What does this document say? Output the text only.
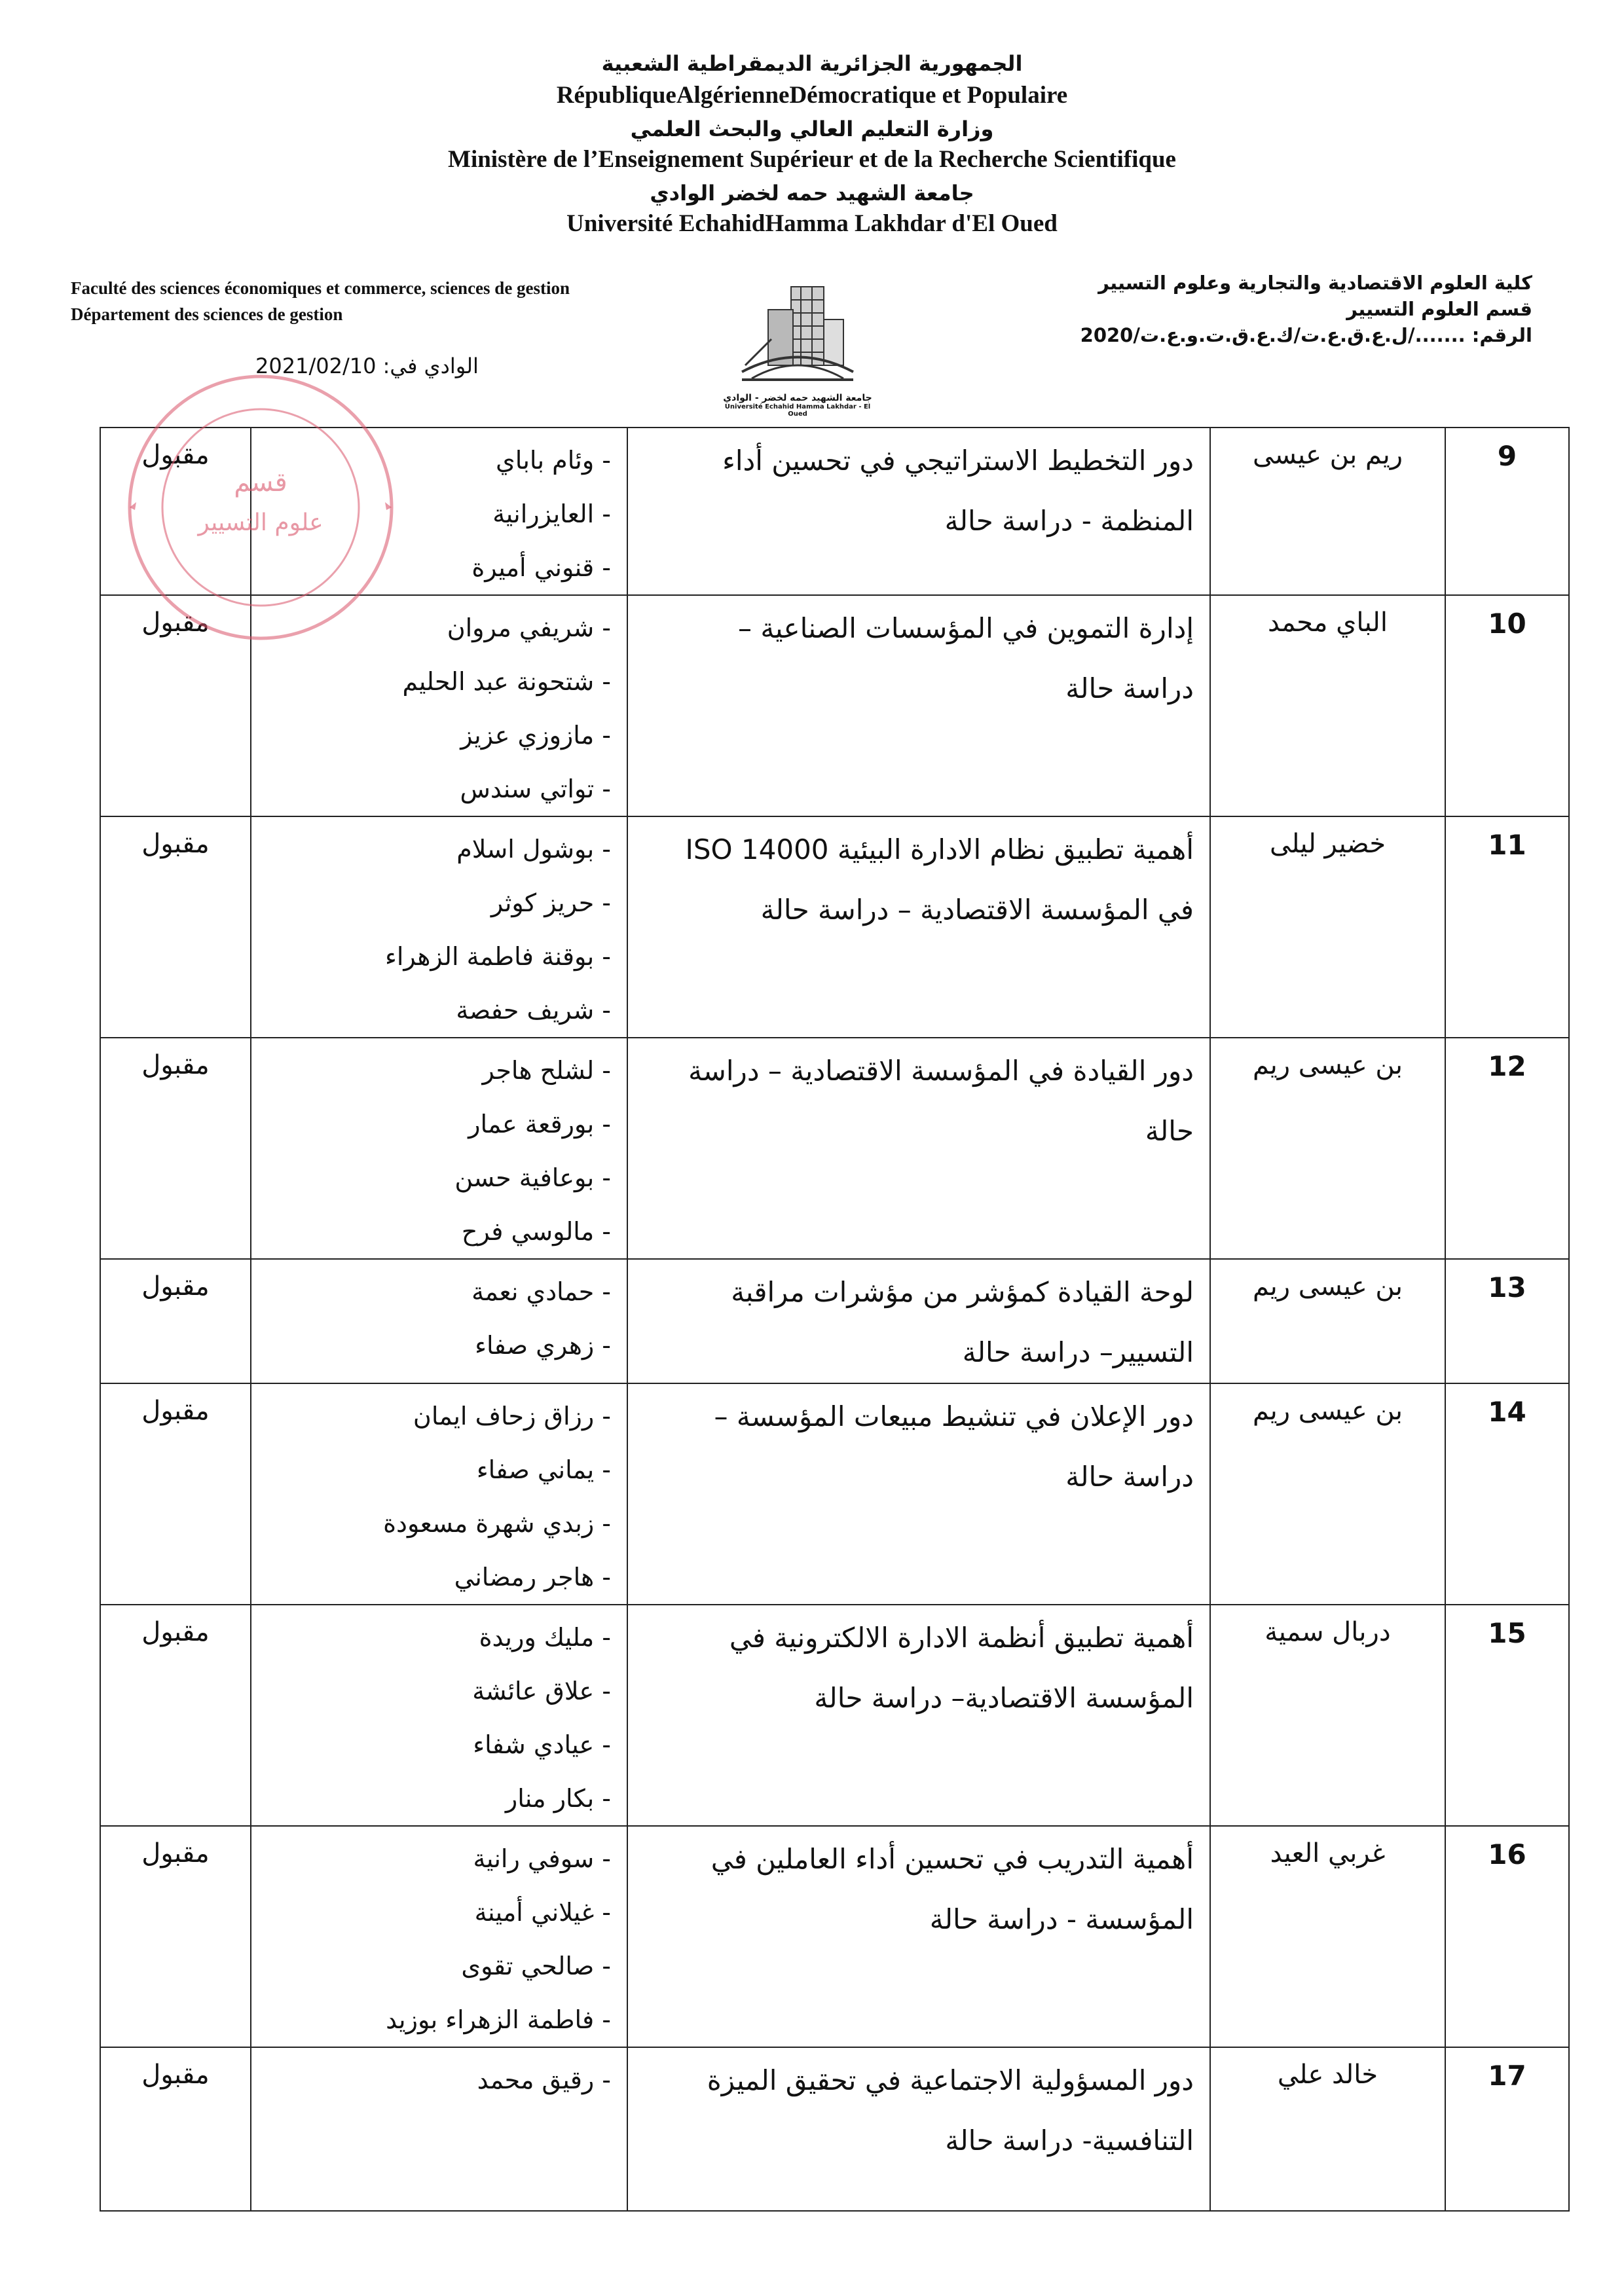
الجمهورية الجزائرية الديمقراطية الشعبية
RépubliqueAlgérienneDémocratique et Populaire
وزارة التعليم العالي والبحث العلمي
Ministère de l’Enseignement Supérieur et de la Recherche Scientifique
جامعة الشهيد حمه لخضر الوادي
Université EchahidHamma Lakhdar d'El Oued
Faculté des sciences économiques et commerce, sciences de gestion
Département des sciences de gestion
كلية العلوم الاقتصادية والتجارية وعلوم التسيير
قسم العلوم التسيير
الرقم: ......./ل.ع.ق.ع.ت/ك.ع.ق.ت.و.ع.ت/2020
الوادي في: 2021/02/10
جامعة الشهيد حمه لخضر - الوادي
Université Echahid Hamma Lakhdar - El Oued
9	ريم بن عيسى	دور التخطيط الاستراتيجي في تحسين أداء
المنظمة - دراسة حالة	- وئام باباي
- العايزرانية
- قنوني أميرة	مقبول
10	الباي محمد	إدارة التموين في المؤسسات الصناعية –
دراسة حالة	- شريفي مروان
- شتحونة عبد الحليم
- مازوزي عزيز
- تواتي سندس	مقبول
11	خضير ليلى	أهمية تطبيق نظام الادارة البيئية ISO 14000
في المؤسسة الاقتصادية – دراسة حالة	- بوشول اسلام
- حريز كوثر
- بوقنة فاطمة الزهراء
- شريف حفصة	مقبول
12	بن عيسى ريم	دور القيادة في المؤسسة الاقتصادية – دراسة
حالة	- لشلح هاجر
- بورقعة عمار
- بوعافية حسن
- مالوسي فرح	مقبول
13	بن عيسى ريم	لوحة القيادة كمؤشر من مؤشرات مراقبة
التسيير– دراسة حالة	- حمادي نعمة
- زهري صفاء	مقبول
14	بن عيسى ريم	دور الإعلان في تنشيط مبيعات المؤسسة –
دراسة حالة	- رزاق زحاف ايمان
- يماني صفاء
- زبدي شهرة مسعودة
- هاجر رمضاني	مقبول
15	دربال سمية	أهمية تطبيق أنظمة الادارة الالكترونية في
المؤسسة الاقتصادية– دراسة حالة	- مليك وريدة
- علاق عائشة
- عيادي شفاء
- بكار منار	مقبول
16	غربي العيد	أهمية التدريب في تحسين أداء العاملين في
المؤسسة - دراسة حالة	- سوفي رانية
- غيلاني أمينة
- صالحي تقوى
- فاطمة الزهراء بوزيد	مقبول
17	خالد علي	دور المسؤولية الاجتماعية في تحقيق الميزة
التنافسية- دراسة حالة	- رقيق محمد	مقبول
قسم
علوم التسيير
